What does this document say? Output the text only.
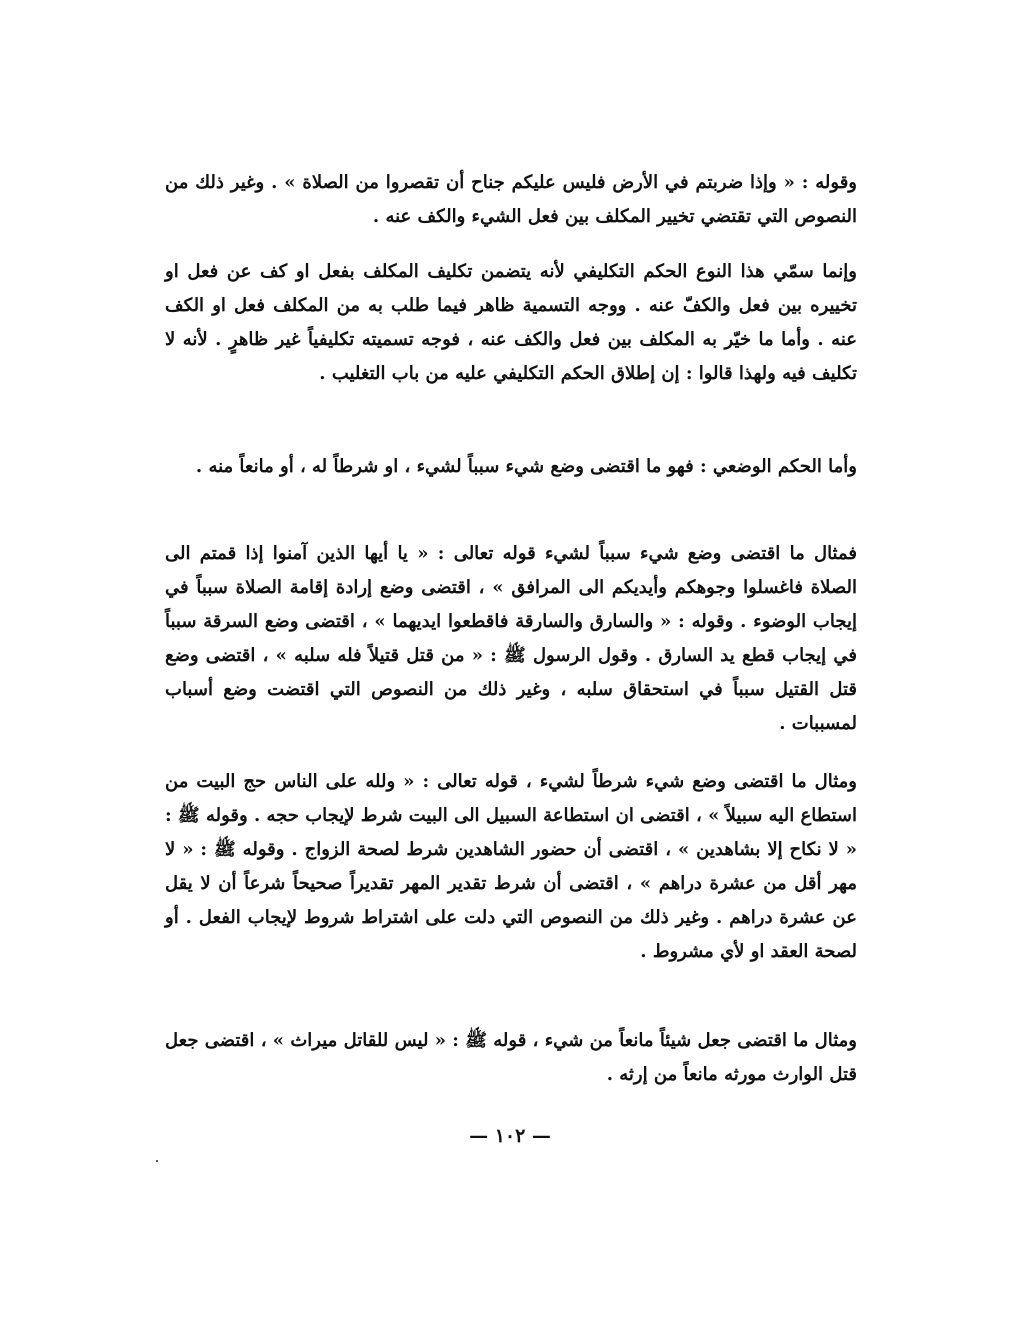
وقوله : « وإذا ضربتم في الأرض فليس عليكم جناح أن تقصروا من الصلاة » . وغير ذلك من النصوص التي تقتضي تخيير المكلف بين فعل الشيء والكف عنه .

وإنما سمّي هذا النوع الحكم التكليفي لأنه يتضمن تكليف المكلف بفعل او كف عن فعل او تخييره بين فعل والكفّ عنه . ووجه التسمية ظاهر فيما طلب به من المكلف فعل او الكف عنه . وأما ما خيّر به المكلف بين فعل والكف عنه ، فوجه تسميته تكليفياً غير ظاهرٍ . لأنه لا تكليف فيه ولهذا قالوا : إن إطلاق الحكم التكليفي عليه من باب التغليب .

وأما الحكم الوضعي : فهو ما اقتضى وضع شيء سبباً لشيء ، او شرطاً له ، أو مانعاً منه .

فمثال ما اقتضى وضع شيء سبباً لشيء قوله تعالى : « يا أيها الذين آمنوا إذا قمتم الى الصلاة فاغسلوا وجوهكم وأيديكم الى المرافق » ، اقتضى وضع إرادة إقامة الصلاة سبباً في إيجاب الوضوء . وقوله : « والسارق والسارقة فاقطعوا ايديهما » ، اقتضى وضع السرقة سبباً في إيجاب قطع يد السارق . وقول الرسول ﷺ : « من قتل قتيلاً فله سلبه » ، اقتضى وضع قتل القتيل سبباً في استحقاق سلبه ، وغير ذلك من النصوص التي اقتضت وضع أسباب لمسببات .

ومثال ما اقتضى وضع شيء شرطاً لشيء ، قوله تعالى : « ولله على الناس حج البيت من استطاع اليه سبيلاً » ، اقتضى ان استطاعة السبيل الى البيت شرط لإيجاب حجه . وقوله ﷺ : « لا نكاح إلا بشاهدين » ، اقتضى أن حضور الشاهدين شرط لصحة الزواج . وقوله ﷺ : « لا مهر أقل من عشرة دراهم » ، اقتضى أن شرط تقدير المهر تقديراً صحيحاً شرعاً أن لا يقل عن عشرة دراهم . وغير ذلك من النصوص التي دلت على اشتراط شروط لإيجاب الفعل . أو لصحة العقد او لأي مشروط .

ومثال ما اقتضى جعل شيئاً مانعاً من شيء ، قوله ﷺ : « ليس للقاتل ميراث » ، اقتضى جعل قتل الوارث مورثه مانعاً من إرثه .

— ١٠٢ —
